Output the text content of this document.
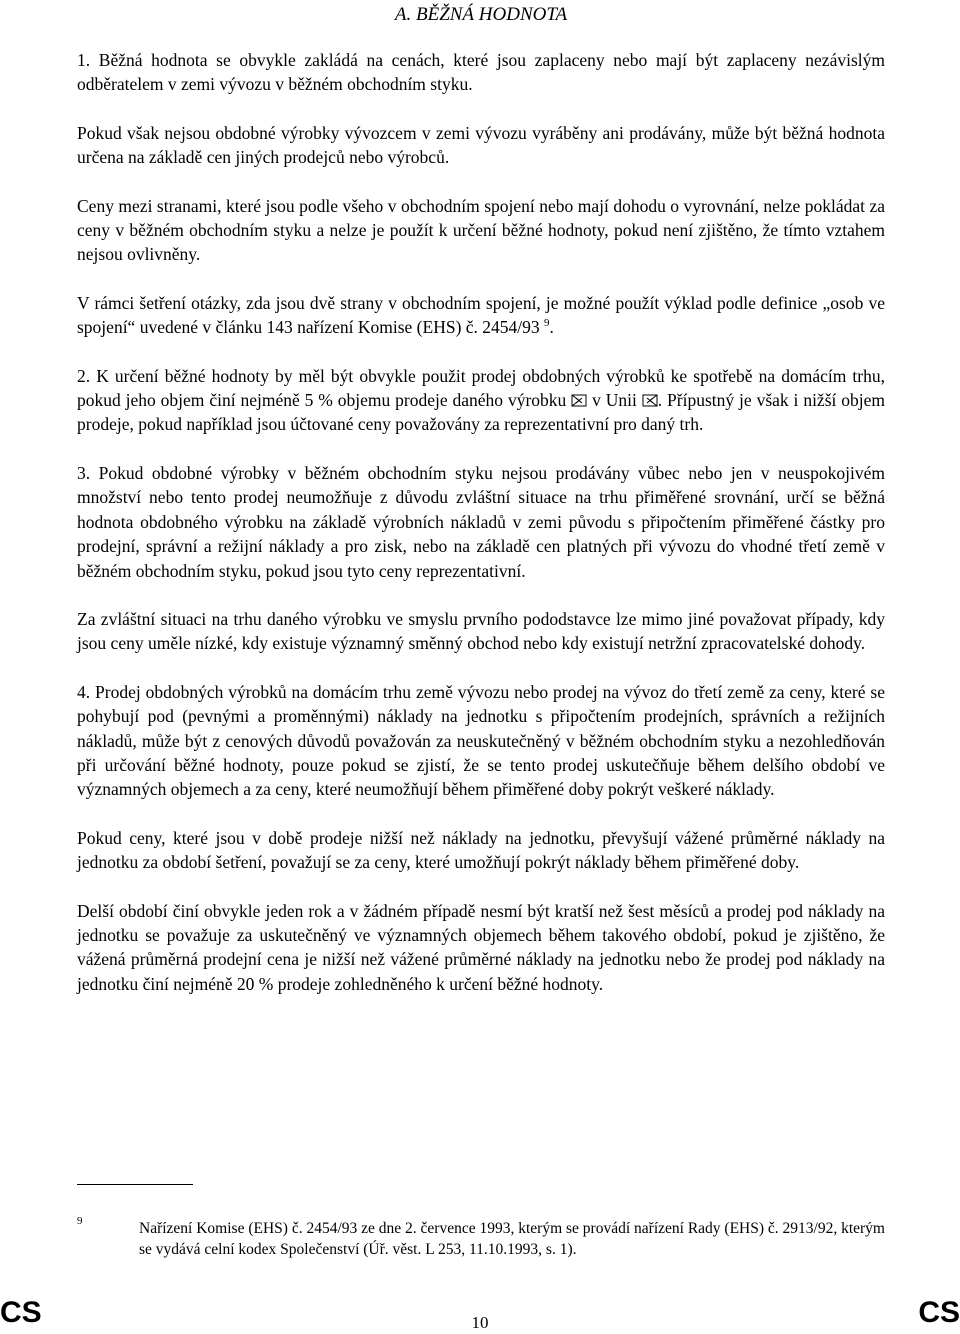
A. BĚŽNÁ HODNOTA

1. Běžná hodnota se obvykle zakládá na cenách, které jsou zaplaceny nebo mají být zaplaceny nezávislým odběratelem v zemi vývozu v běžném obchodním styku.

Pokud však nejsou obdobné výrobky vývozcem v zemi vývozu vyráběny ani prodávány, může být běžná hodnota určena na základě cen jiných prodejců nebo výrobců.

Ceny mezi stranami, které jsou podle všeho v obchodním spojení nebo mají dohodu o vyrovnání, nelze pokládat za ceny v běžném obchodním styku a nelze je použít k určení běžné hodnoty, pokud není zjištěno, že tímto vztahem nejsou ovlivněny.

V rámci šetření otázky, zda jsou dvě strany v obchodním spojení, je možné použít výklad podle definice „osob ve spojení“ uvedené v článku 143 nařízení Komise (EHS) č. 2454/93 $^9$.

2. K určení běžné hodnoty by měl být obvykle použit prodej obdobných výrobků ke spotřebě na domácím trhu, pokud jeho objem činí nejméně 5 % objemu prodeje daného výrobku v Unii . Přípustný je však i nižší objem prodeje, pokud například jsou účtované ceny považovány za reprezentativní pro daný trh.

3. Pokud obdobné výrobky v běžném obchodním styku nejsou prodávány vůbec nebo jen v neuspokojivém množství nebo tento prodej neumožňuje z důvodu zvláštní situace na trhu přiměřené srovnání, určí se běžná hodnota obdobného výrobku na základě výrobních nákladů v zemi původu s připočtením přiměřené částky pro prodejní, správní a režijní náklady a pro zisk, nebo na základě cen platných při vývozu do vhodné třetí země v běžném obchodním styku, pokud jsou tyto ceny reprezentativní.

Za zvláštní situaci na trhu daného výrobku ve smyslu prvního pododstavce lze mimo jiné považovat případy, kdy jsou ceny uměle nízké, kdy existuje významný směnný obchod nebo kdy existují netržní zpracovatelské dohody.

4. Prodej obdobných výrobků na domácím trhu země vývozu nebo prodej na vývoz do třetí země za ceny, které se pohybují pod (pevnými a proměnnými) náklady na jednotku s připočtením prodejních, správních a režijních nákladů, může být z cenových důvodů považován za neuskutečněný v běžném obchodním styku a nezohledňován při určování běžné hodnoty, pouze pokud se zjistí, že se tento prodej uskutečňuje během delšího období ve významných objemech a za ceny, které neumožňují během přiměřené doby pokrýt veškeré náklady.

Pokud ceny, které jsou v době prodeje nižší než náklady na jednotku, převyšují vážené průměrné náklady na jednotku za období šetření, považují se za ceny, které umožňují pokrýt náklady během přiměřené doby.

Delší období činí obvykle jeden rok a v žádném případě nesmí být kratší než šest měsíců a prodej pod náklady na jednotku se považuje za uskutečněný ve významných objemech během takového období, pokud je zjištěno, že vážená průměrná prodejní cena je nižší než vážené průměrné náklady na jednotku nebo že prodej pod náklady na jednotku činí nejméně 20 % prodeje zohledněného k určení běžné hodnoty.

9	Nařízení Komise (EHS) č. 2454/93 ze dne 2. července 1993, kterým se provádí nařízení Rady (EHS) č. 2913/92, kterým se vydává celní kodex Společenství (Úř. věst. L 253, 11.10.1993, s. 1).
CS	CS
10
